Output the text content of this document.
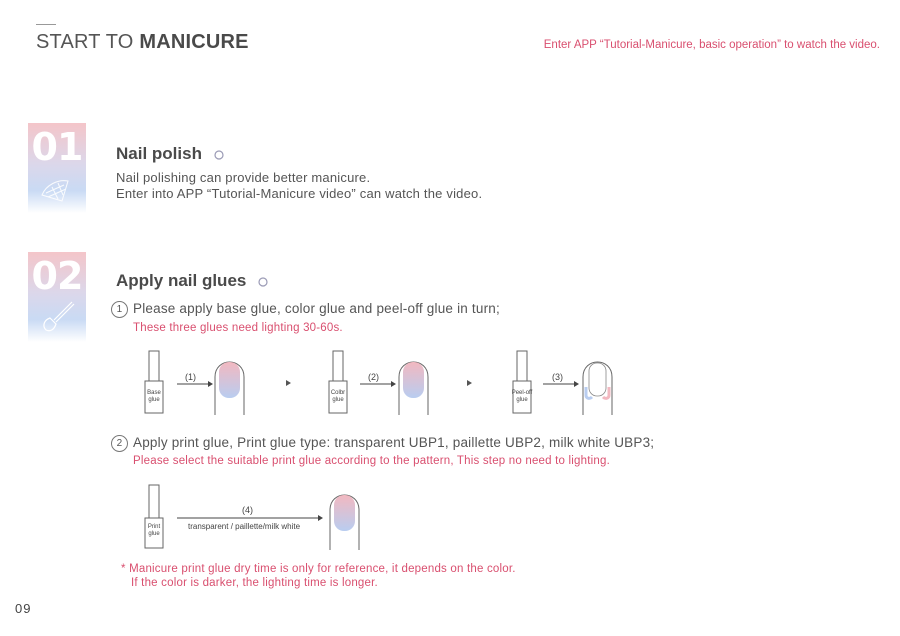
START TO MANICURE	Enter APP “Tutorial-Manicure, basic operation” to watch the video.
01 Nail polish
Nail polishing can provide better manicure.
Enter into APP “Tutorial-Manicure video” can watch the video.
02 Apply nail glues
1 Please apply base glue, color glue and peel-off glue in turn;
These three glues need lighting 30-60s.
Base
glue
(1)
Colbr
glue
(2)
Peel-off
glue
(3)
2 Apply print glue, Print glue type: transparent UBP1, paillette UBP2, milk white UBP3;
Please select the suitable print glue according to the pattern, This step no need to lighting.
Print
glue
(4)
transparent / paillette/milk white
* Manicure print glue dry time is only for reference, it depends on the color.
If the color is darker, the lighting time is longer.
09
